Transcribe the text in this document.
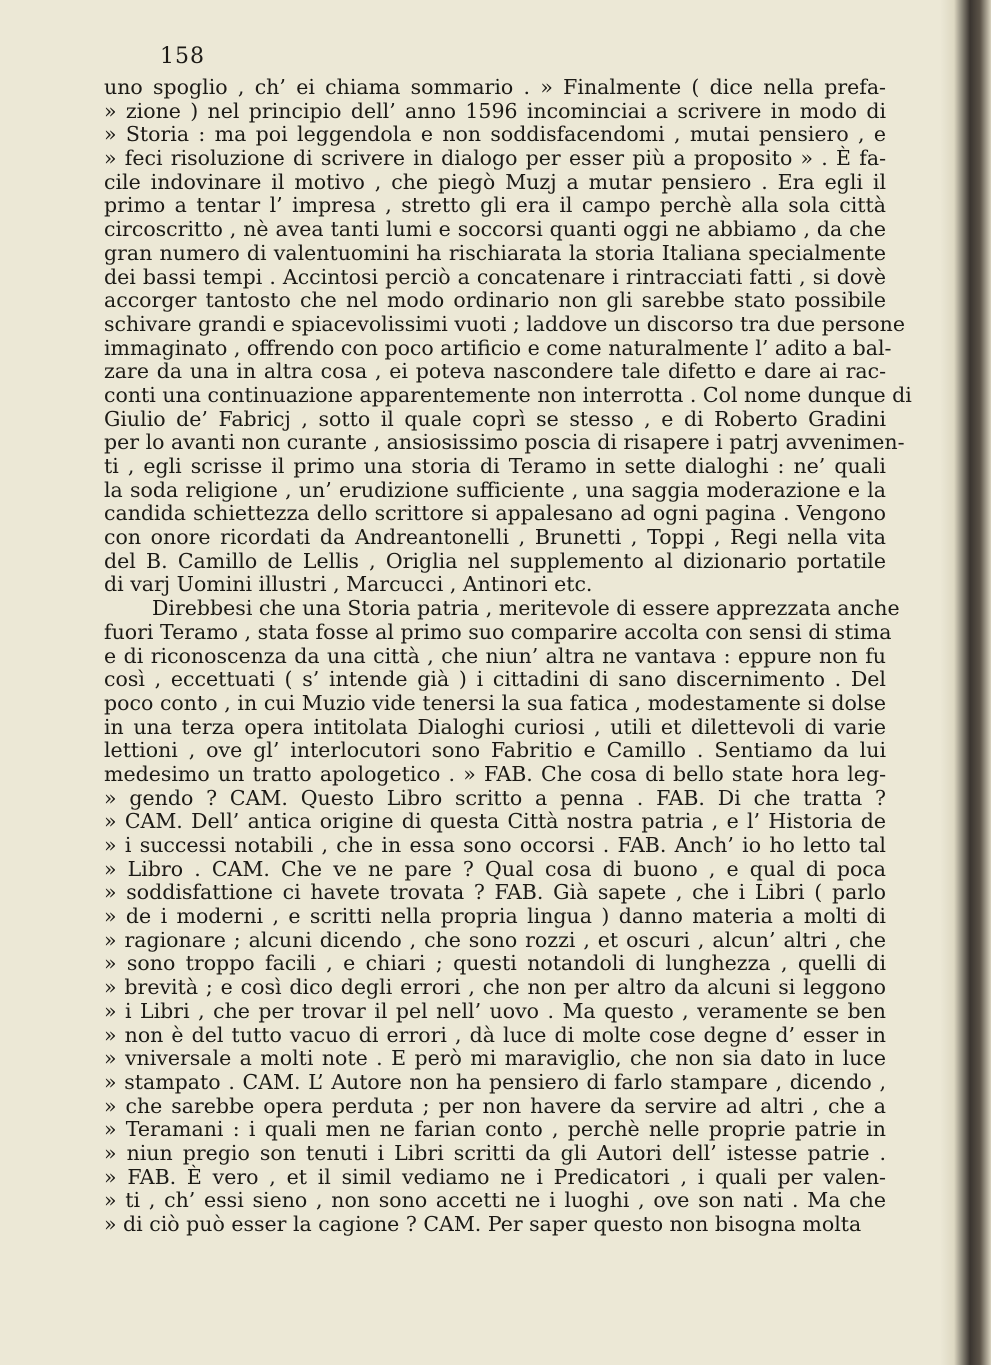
158
uno spoglio , ch’ ei chiama sommario . » Finalmente ( dice nella prefa-
» zione ) nel principio dell’ anno 1596 incominciai a scrivere in modo di
» Storia : ma poi leggendola e non soddisfacendomi , mutai pensiero , e
» feci risoluzione di scrivere in dialogo per esser più a proposito » . È fa-
cile indovinare il motivo , che piegò Muzj a mutar pensiero . Era egli il
primo a tentar l’ impresa , stretto gli era il campo perchè alla sola città
circoscritto , nè avea tanti lumi e soccorsi quanti oggi ne abbiamo , da che
gran numero di valentuomini ha rischiarata la storia Italiana specialmente
dei bassi tempi . Accintosi perciò a concatenare i rintracciati fatti , si dovè
accorger tantosto che nel modo ordinario non gli sarebbe stato possibile
schivare grandi e spiacevolissimi vuoti ; laddove un discorso tra due persone
immaginato , offrendo con poco artificio e come naturalmente l’ adito a bal-
zare da una in altra cosa , ei poteva nascondere tale difetto e dare ai rac-
conti una continuazione apparentemente non interrotta . Col nome dunque di
Giulio de’ Fabricj , sotto il quale coprì se stesso , e di Roberto Gradini
per lo avanti non curante , ansiosissimo poscia di risapere i patrj avvenimen-
ti , egli scrisse il primo una storia di Teramo in sette dialoghi : ne’ quali
la soda religione , un’ erudizione sufficiente , una saggia moderazione e la
candida schiettezza dello scrittore si appalesano ad ogni pagina . Vengono
con onore ricordati da Andreantonelli , Brunetti , Toppi , Regi nella vita
del B. Camillo de Lellis , Origlia nel supplemento al dizionario portatile
di varj Uomini illustri , Marcucci , Antinori etc.
Direbbesi che una Storia patria , meritevole di essere apprezzata anche
fuori Teramo , stata fosse al primo suo comparire accolta con sensi di stima
e di riconoscenza da una città , che niun’ altra ne vantava : eppure non fu
così , eccettuati ( s’ intende già ) i cittadini di sano discernimento . Del
poco conto , in cui Muzio vide tenersi la sua fatica , modestamente si dolse
in una terza opera intitolata Dialoghi curiosi , utili et dilettevoli di varie
lettioni , ove gl’ interlocutori sono Fabritio e Camillo . Sentiamo da lui
medesimo un tratto apologetico . » FAB. Che cosa di bello state hora leg-
» gendo ? CAM. Questo Libro scritto a penna . FAB. Di che tratta ?
» CAM. Dell’ antica origine di questa Città nostra patria , e l’ Historia de
» i successi notabili , che in essa sono occorsi . FAB. Anch’ io ho letto tal
» Libro . CAM. Che ve ne pare ? Qual cosa di buono , e qual di poca
» soddisfattione ci havete trovata ? FAB. Già sapete , che i Libri ( parlo
» de i moderni , e scritti nella propria lingua ) danno materia a molti di
» ragionare ; alcuni dicendo , che sono rozzi , et oscuri , alcun’ altri , che
» sono troppo facili , e chiari ; questi notandoli di lunghezza , quelli di
» brevità ; e così dico degli errori , che non per altro da alcuni si leggono
» i Libri , che per trovar il pel nell’ uovo . Ma questo , veramente se ben
» non è del tutto vacuo di errori , dà luce di molte cose degne d’ esser in
» vniversale a molti note . E però mi maraviglio, che non sia dato in luce
» stampato . CAM. L’ Autore non ha pensiero di farlo stampare , dicendo ,
» che sarebbe opera perduta ; per non havere da servire ad altri , che a
» Teramani : i quali men ne farian conto , perchè nelle proprie patrie in
» niun pregio son tenuti i Libri scritti da gli Autori dell’ istesse patrie .
» FAB. È vero , et il simil vediamo ne i Predicatori , i quali per valen-
» ti , ch’ essi sieno , non sono accetti ne i luoghi , ove son nati . Ma che
» di ciò può esser la cagione ? CAM. Per saper questo non bisogna molta
